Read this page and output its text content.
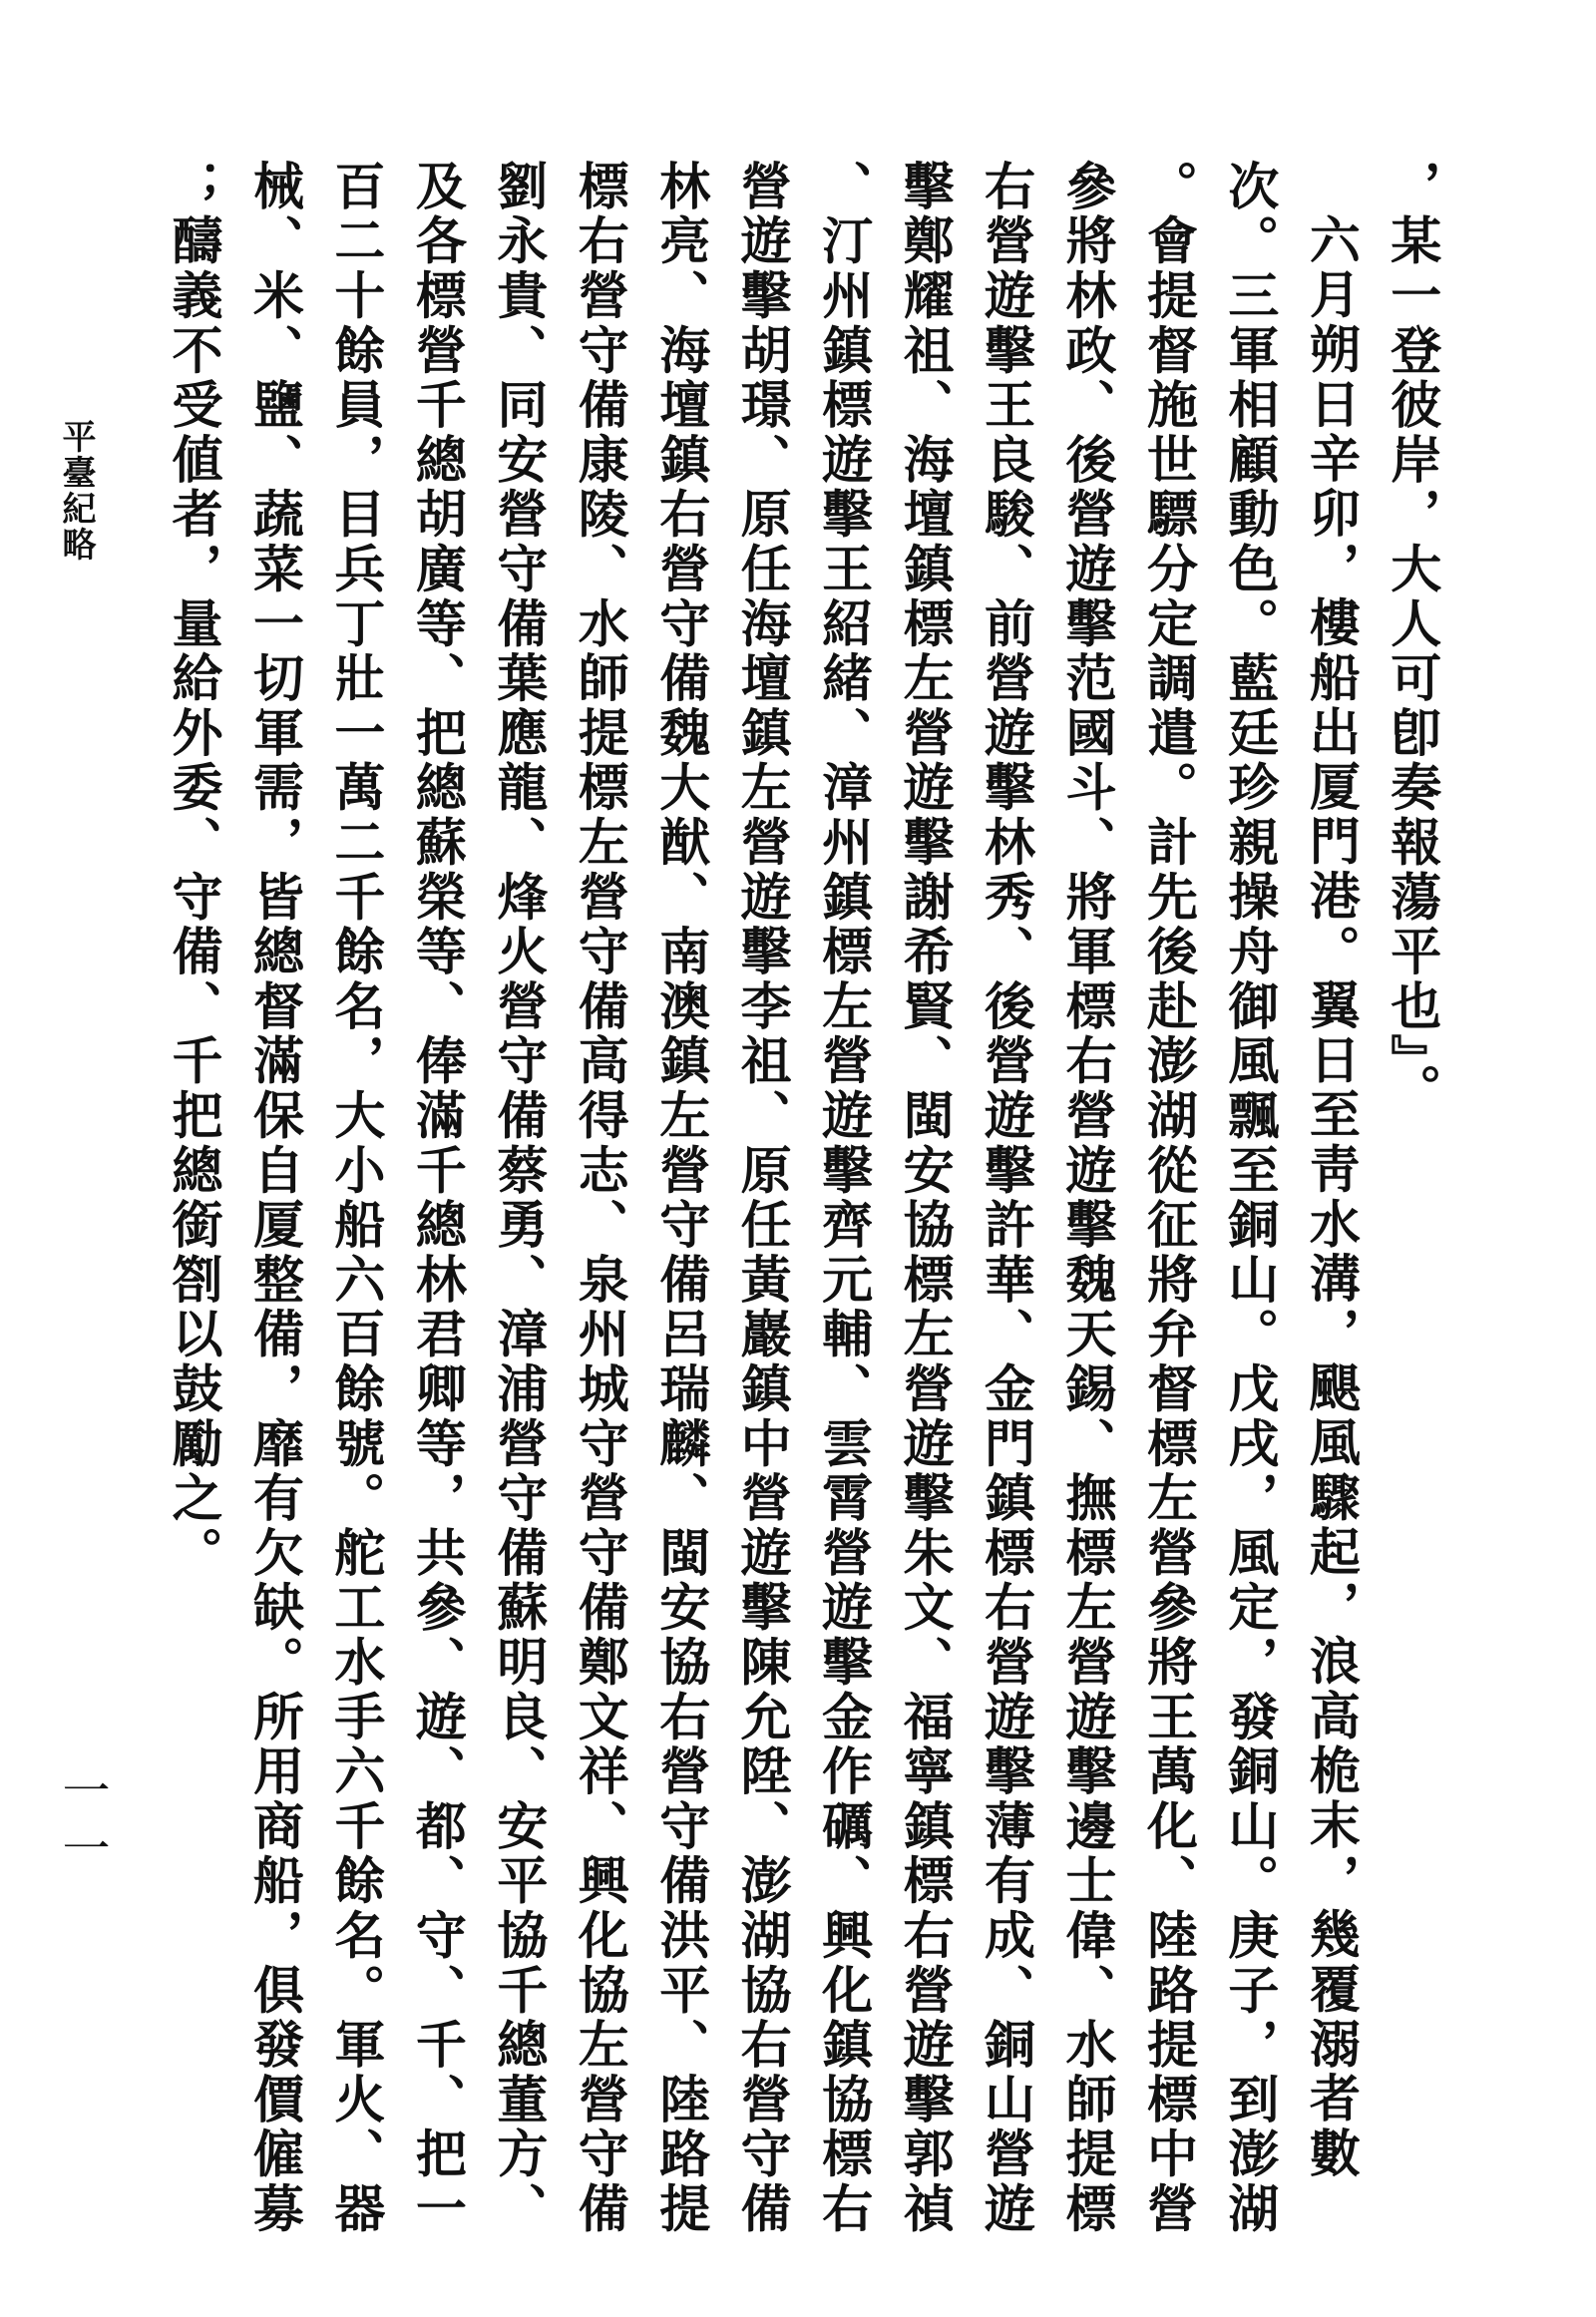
，某一登彼岸，大人可卽奏報蕩平也』。
六月朔日辛卯，樓船出厦門港。翼日至靑水溝，颶風驟起，浪高桅末，幾覆溺者數
次。三軍相顧動色。藍廷珍親操舟御風飄至銅山。戊戌，風定，發銅山。庚子，到澎湖
。會提督施世驃分定調遣。計先後赴澎湖從征將弁督標左營參將王萬化、陸路提標中營
參將林政、後營遊擊范國斗、將軍標右營遊擊魏天錫、撫標左營遊擊邊士偉、水師提標
右營遊擊王良駿、前營遊擊林秀、後營遊擊許華、金門鎮標右營遊擊薄有成、銅山營遊
擊鄭耀祖、海壇鎮標左營遊擊謝希賢、閩安協標左營遊擊朱文、福寧鎮標右營遊擊郭禎
、汀州鎮標遊擊王紹緒、漳州鎮標左營遊擊齊元輔、雲霄營遊擊金作礪、興化鎮協標右
營遊擊胡璟、原任海壇鎮左營遊擊李祖、原任黃巖鎮中營遊擊陳允陞、澎湖協右營守備
林亮、海壇鎮右營守備魏大猷、南澳鎮左營守備呂瑞麟、閩安協右營守備洪平、陸路提
標右營守備康陵、水師提標左營守備高得志、泉州城守營守備鄭文祥、興化協左營守備
劉永貴、同安營守備葉應龍、烽火營守備蔡勇、漳浦營守備蘇明良、安平協千總董方、
及各標營千總胡廣等、把總蘇榮等、俸滿千總林君卿等，共參、遊、都、守、千、把一
百二十餘員，目兵丁壯一萬二千餘名，大小船六百餘號。舵工水手六千餘名。軍火、器
械、米、鹽、蔬菜一切軍需，皆總督滿保自厦整備，靡有欠缺。所用商船，俱發價僱募
；醻義不受値者，量給外委、守備、千把總銜劄以鼓勵之。
平臺紀略
一一
